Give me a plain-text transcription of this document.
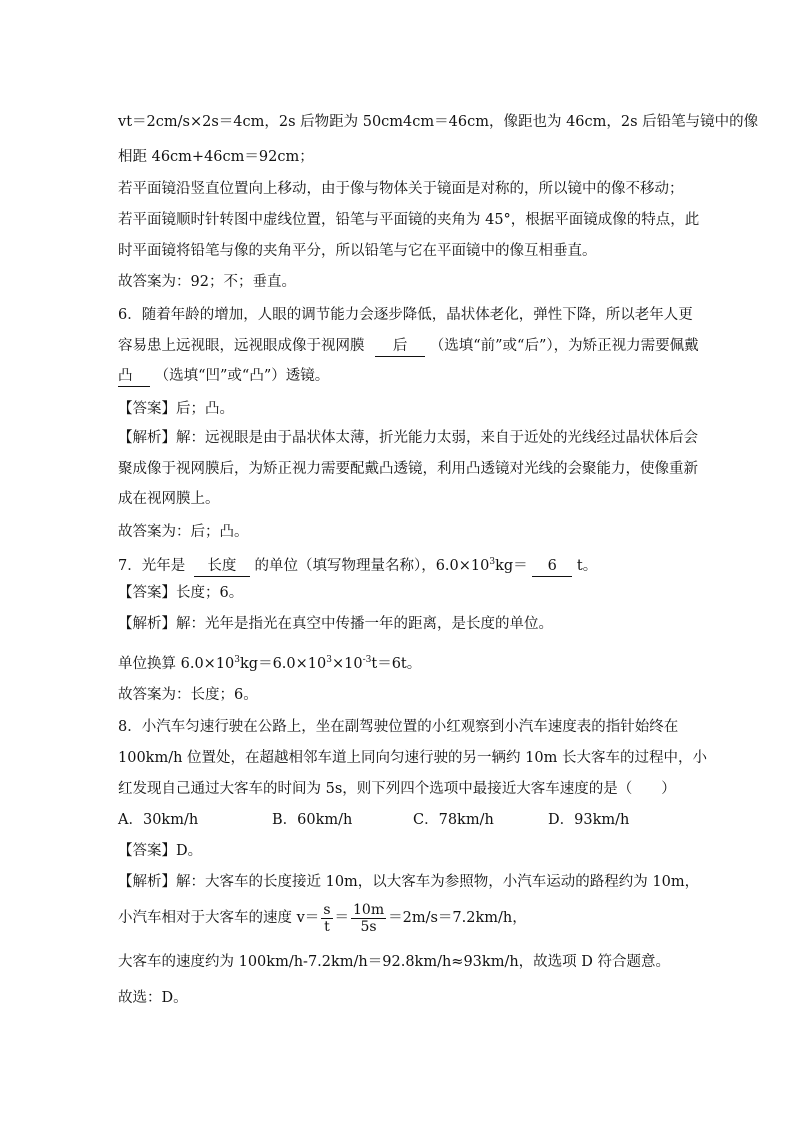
vt＝2cm/s×2s＝4cm，2s 后物距为 50cm4cm＝46cm，像距也为 46cm，2s 后铅笔与镜中的像
相距 46cm+46cm＝92cm；
若平面镜沿竖直位置向上移动，由于像与物体关于镜面是对称的，所以镜中的像不移动；
若平面镜顺时针转图中虚线位置，铅笔与平面镜的夹角为 45°，根据平面镜成像的特点，此
时平面镜将铅笔与像的夹角平分，所以铅笔与它在平面镜中的像互相垂直。
故答案为：92；不；垂直。
6．随着年龄的增加，人眼的调节能力会逐步降低，晶状体老化，弹性下降，所以老年人更
容易患上远视眼，远视眼成像于视网膜 后 （选填“前”或“后”），为矫正视力需要佩戴
凸 （选填“凹”或“凸”）透镜。
【答案】后；凸。
【解析】解：远视眼是由于晶状体太薄，折光能力太弱，来自于近处的光线经过晶状体后会
聚成像于视网膜后，为矫正视力需要配戴凸透镜，利用凸透镜对光线的会聚能力，使像重新
成在视网膜上。
故答案为：后；凸。
7．光年是 长度 的单位（填写物理量名称），$6.0\times 10^3kg= 6$ t。
【答案】长度；6。
【解析】解：光年是指光在真空中传播一年的距离，是长度的单位。
单位换算 $6.0\times 10^3kg=6.0\times 10^3\times 10^{-3}t=6t$。
故答案为：长度；6。
8．小汽车匀速行驶在公路上，坐在副驾驶位置的小红观察到小汽车速度表的指针始终在
100km/h 位置处，在超越相邻车道上同向匀速行驶的另一辆约 10m 长大客车的过程中，小
红发现自己通过大客车的时间为 5s，则下列四个选项中最接近大客车速度的是（　　）
A．30km/h	B．60km/h	C．78km/h	D．93km/h
【答案】D。
【解析】解：大客车的长度接近 10m，以大客车为参照物，小汽车运动的路程约为 10m，
小汽车相对于大客车的速度 $v= \frac{s}{t} = \frac{10m}{5s} =2m/s=7.2km/h$，
大客车的速度约为 100km/h-7.2km/h＝92.8km/h≈93km/h，故选项 D 符合题意。
故选：D。
